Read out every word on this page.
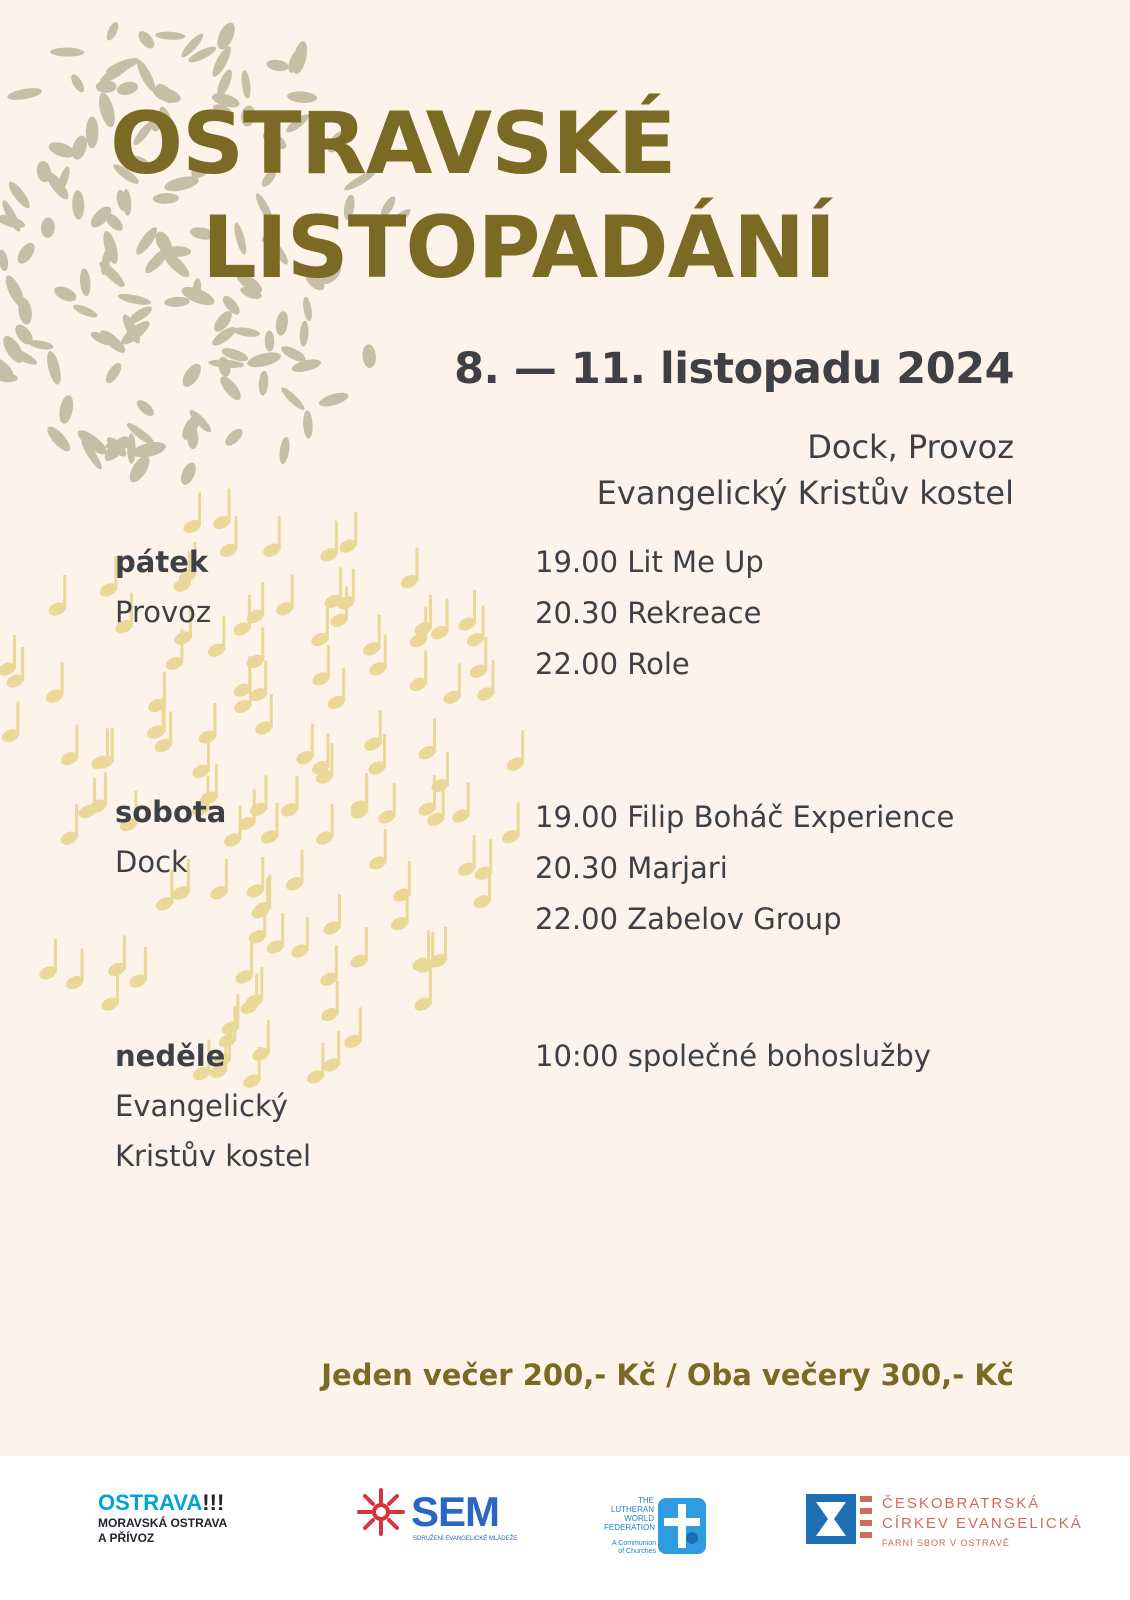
OSTRAVSKÉ
LISTOPADÁNÍ
8. — 11. listopadu 2024
Dock, Provoz
Evangelický Kristův kostel
pátek
Provoz
19.00 Lit Me Up
20.30 Rekreace
22.00 Role
sobota
Dock
19.00 Filip Boháč Experience
20.30 Marjari
22.00 Zabelov Group
neděle
Evangelický
Kristův kostel
10:00 společné bohoslužby
Jeden večer 200,- Kč / Oba večery 300,- Kč
OSTRAVA!!!
MORAVSKÁ OSTRAVA
A PŘÍVOZ
SEM
SDRUŽENÍ EVANGELICKÉ MLÁDEŽE
THE
LUTHERAN
WORLD
FEDERATION
A Communion
of Churches
ČESKOBRATRSKÁ
CÍRKEV EVANGELICKÁ
FARNÍ SBOR V OSTRAVĚ
